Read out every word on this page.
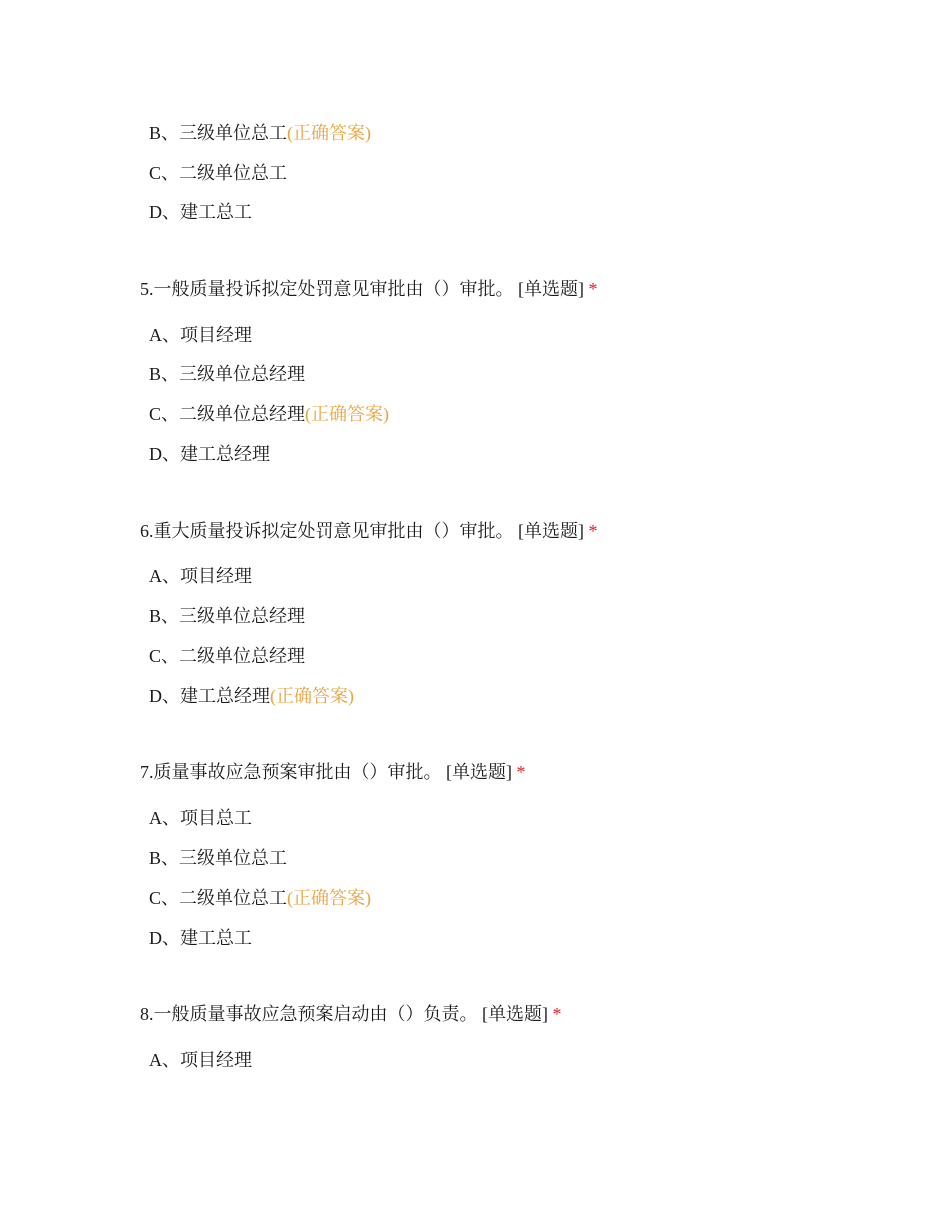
B、三级单位总工(正确答案)
C、二级单位总工
D、建工总工
5.一般质量投诉拟定处罚意见审批由（）审批。 [单选题] *
A、项目经理
B、三级单位总经理
C、二级单位总经理(正确答案)
D、建工总经理
6.重大质量投诉拟定处罚意见审批由（）审批。 [单选题] *
A、项目经理
B、三级单位总经理
C、二级单位总经理
D、建工总经理(正确答案)
7.质量事故应急预案审批由（）审批。 [单选题] *
A、项目总工
B、三级单位总工
C、二级单位总工(正确答案)
D、建工总工
8.一般质量事故应急预案启动由（）负责。 [单选题] *
A、项目经理
